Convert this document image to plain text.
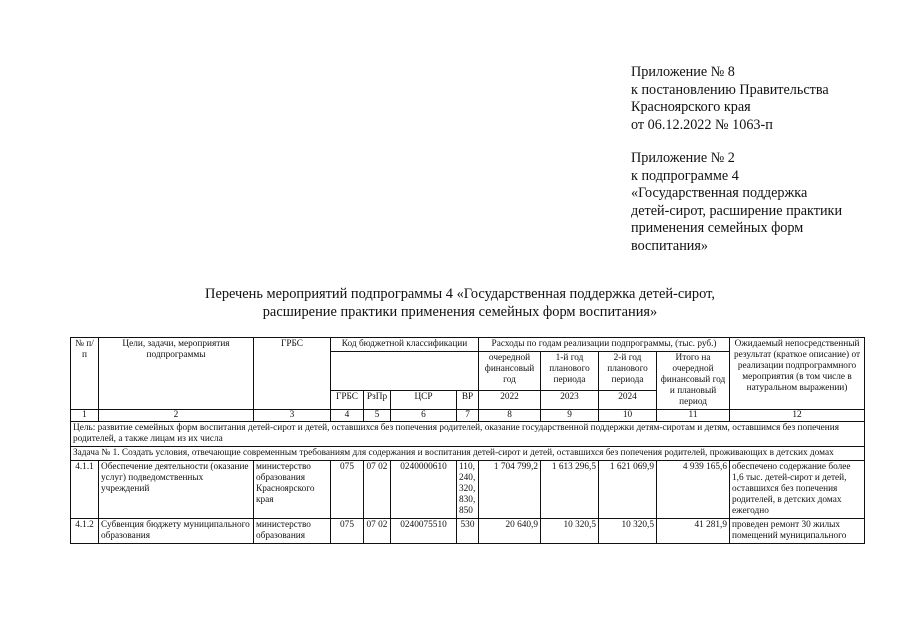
Приложение № 8
к постановлению Правительства
Красноярского края
от 06.12.2022 № 1063-п
Приложение № 2
к подпрограмме 4
«Государственная поддержка
детей-сирот, расширение практики
применения семейных форм
воспитания»
Перечень мероприятий подпрограммы 4 «Государственная поддержка детей-сирот,
расширение практики применения семейных форм воспитания»
№ п/п	Цели, задачи, мероприятия подпрограммы	ГРБС	Код бюджетной классификации				Расходы по годам реализации подпрограммы, (тыс. руб.)				Ожидаемый непосредственный результат (краткое описание) от реализации подпрограммного мероприятия (в том числе в натуральном выражении)
							очередной финансовый год	1-й год планового периода	2-й год планового периода	Итого на очередной финансовый год и плановый период	
			ГРБС	РзПр	ЦСР	ВР	2022	2023	2024		
1	2	3	4	5	6	7	8	9	10	11	12
Цель: развитие семейных форм воспитания детей-сирот и детей, оставшихся без попечения родителей, оказание государственной поддержки детям-сиротам и детям, оставшимся без попечения родителей, а также лицам из их числа											
Задача № 1. Создать условия, отвечающие современным требованиям для содержания и воспитания детей-сирот и детей, оставшихся без попечения родителей, проживающих в детских домах											
4.1.1	Обеспечение деятельности (оказание услуг) подведомственных учреждений	министерство образования Красноярского края	075	07 02	0240000610	110, 240, 320, 830, 850	1 704 799,2	1 613 296,5	1 621 069,9	4 939 165,6	обеспечено содержание более 1,6 тыс. детей-сирот и детей, оставшихся без попечения родителей, в детских домах ежегодно
4.1.2	Субвенция бюджету муниципального образования	министерство образования	075	07 02	0240075510	530	20 640,9	10 320,5	10 320,5	41 281,9	проведен ремонт 30 жилых помещений муниципального
